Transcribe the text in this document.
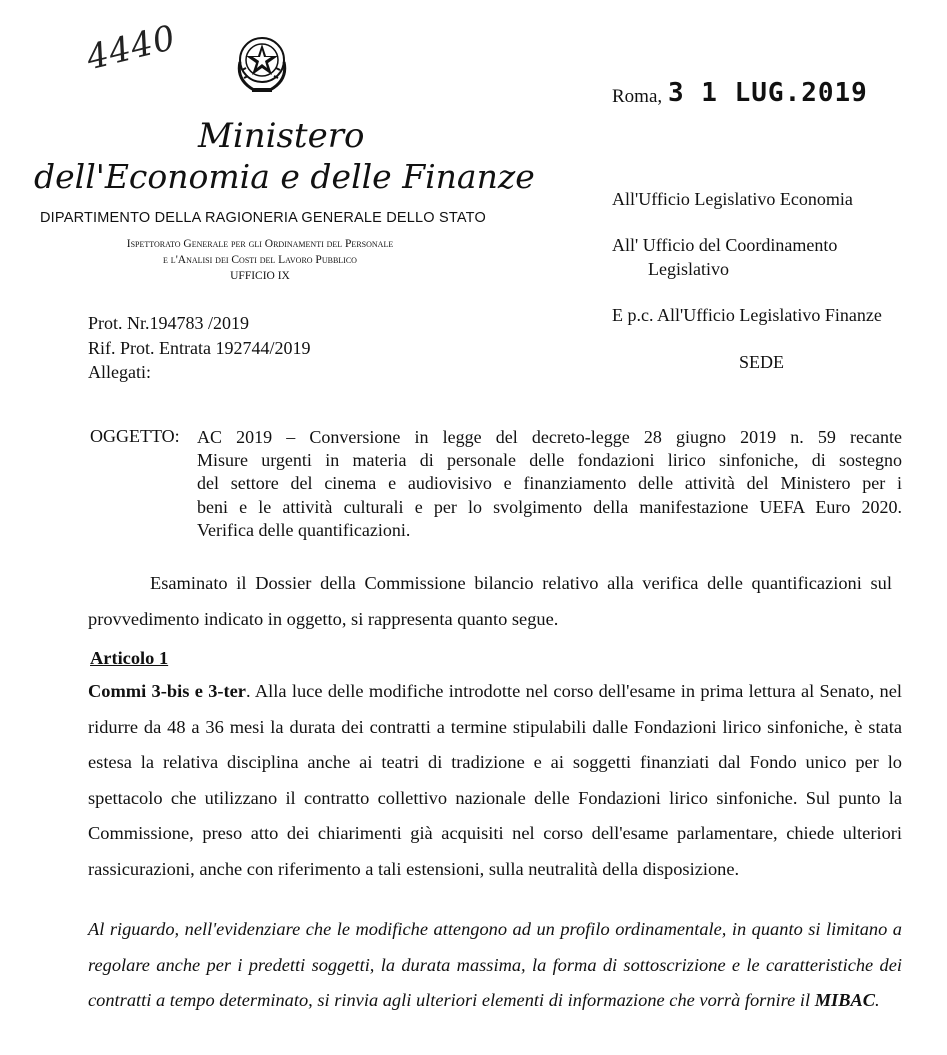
4440
Ministero
dell'Economia e delle Finanze
DIPARTIMENTO DELLA RAGIONERIA GENERALE DELLO STATO
Ispettorato Generale per gli Ordinamenti del Personale
e l'Analisi dei Costi del Lavoro Pubblico
UFFICIO IX
Roma, 3 1 LUG.2019
All'Ufficio Legislativo Economia
All' Ufficio del Coordinamento
Legislativo
E p.c. All'Ufficio Legislativo Finanze
SEDE
Prot. Nr.194783 /2019
Rif. Prot. Entrata 192744/2019
Allegati:
OGGETTO: AC 2019 – Conversione in legge del decreto-legge 28 giugno 2019 n. 59 recante
Misure urgenti in materia di personale delle fondazioni lirico sinfoniche, di sostegno
del settore del cinema e audiovisivo e finanziamento delle attività del Ministero per i
beni e le attività culturali e per lo svolgimento della manifestazione UEFA Euro 2020.
Verifica delle quantificazioni.
Esaminato il Dossier della Commissione bilancio relativo alla verifica delle quantificazioni sul provvedimento indicato in oggetto, si rappresenta quanto segue.
Articolo 1
Commi 3-bis e 3-ter. Alla luce delle modifiche introdotte nel corso dell'esame in prima lettura al Senato, nel ridurre da 48 a 36 mesi la durata dei contratti a termine stipulabili dalle Fondazioni lirico sinfoniche, è stata estesa la relativa disciplina anche ai teatri di tradizione e ai soggetti finanziati dal Fondo unico per lo spettacolo che utilizzano il contratto collettivo nazionale delle Fondazioni lirico sinfoniche. Sul punto la Commissione, preso atto dei chiarimenti già acquisiti nel corso dell'esame parlamentare, chiede ulteriori rassicurazioni, anche con riferimento a tali estensioni, sulla neutralità della disposizione.
Al riguardo, nell'evidenziare che le modifiche attengono ad un profilo ordinamentale, in quanto si limitano a regolare anche per i predetti soggetti, la durata massima, la forma di sottoscrizione e le caratteristiche dei contratti a tempo determinato, si rinvia agli ulteriori elementi di informazione che vorrà fornire il MIBAC.
